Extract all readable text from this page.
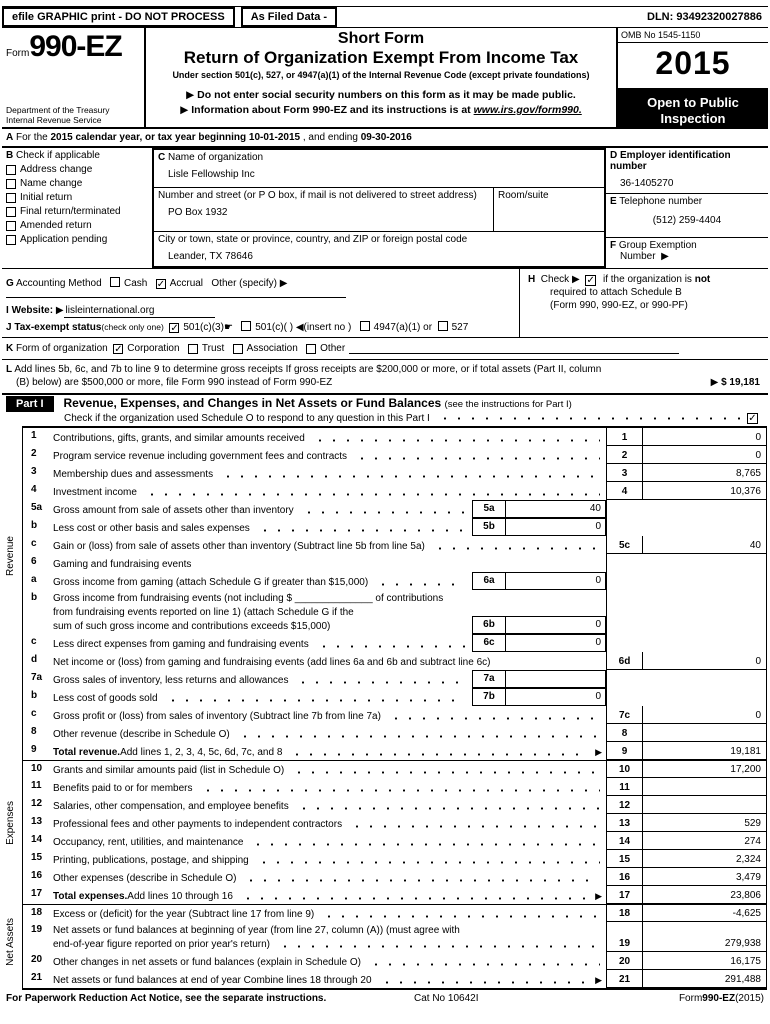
efile GRAPHIC print - DO NOT PROCESS	As Filed Data -	DLN: 93492320027886
Form990-EZ
Department of the Treasury
Internal Revenue Service
Short Form
Return of Organization Exempt From Income Tax
Under section 501(c), 527, or 4947(a)(1) of the Internal Revenue Code (except private foundations)
▶ Do not enter social security numbers on this form as it may be made public.
▶ Information about Form 990-EZ and its instructions is at www.irs.gov/form990.
OMB No 1545-1150
2015
Open to Public
Inspection
A For the 2015 calendar year, or tax year beginning 10-01-2015 , and ending 09-30-2016
B Check if applicable
Address change
Name change
Initial return
Final return/terminated
Amended return
Application pending
C Name of organization
Lisle Fellowship Inc
Number and street (or P O box, if mail is not delivered to street address)
PO Box 1932
Room/suite
City or town, state or province, country, and ZIP or foreign postal code
Leander, TX 78646
D Employer identification number
36-1405270
E Telephone number
(512) 259-4404
F Group Exemption
Number ▶
G Accounting Method Cash ✓ Accrual Other (specify) ▶
I Website: ▶ lisleinternational.org
J Tax-exempt status(check only one) ✓ 501(c)(3)☛ 501(c)( ) ◀(insert no ) 4947(a)(1) or 527
H Check ▶ ✓ if the organization is not
required to attach Schedule B
(Form 990, 990-EZ, or 990-PF)
K
Form of organization
✓ Corporation
Trust
Association
Other
L Add lines 5b, 6c, and 7b to line 9 to determine gross receipts If gross receipts are $200,000 or more, or if total assets (Part II, column
(B) below) are $500,000 or more, file Form 990 instead of Form 990-EZ	▶ $ 19,181
Part I	Revenue, Expenses, and Changes in Net Assets or Fund Balances (see the instructions for Part I)
Check if the organization used Schedule O to respond to any question in this Part I	✓
Revenue
Expenses
Net Assets
1	Contributions, gifts, grants, and similar amounts received	1	0
2	Program service revenue including government fees and contracts	2	0
3	Membership dues and assessments	3	8,765
4	Investment income	4	10,376
5a	Gross amount from sale of assets other than inventory	5a	40
b	Less cost or other basis and sales expenses	5b	0
c	Gain or (loss) from sale of assets other than inventory (Subtract line 5b from line 5a)	5c	40
6	Gaming and fundraising events

a	Gross income from gaming (attach Schedule G if greater than $15,000)	6a	0
b	Gross income from fundraising events (not including $ ______________ of contributions
from fundraising events reported on line 1) (attach Schedule G if the
sum of such gross income and contributions exceeds $15,000)
	6b	0
c	Less direct expenses from gaming and fundraising events	6c	0
d	Net income or (loss) from gaming and fundraising events (add lines 6a and 6b and subtract line 6c)
	6d	0
7a	Gross sales of inventory, less returns and allowances	7a
b	Less cost of goods sold	7b	0
c	Gross profit or (loss) from sales of inventory (Subtract line 7b from line 7a)	7c	0
8	Other revenue (describe in Schedule O)	8
9	Total revenue. Add lines 1, 2, 3, 4, 5c, 6d, 7c, and 8	▶	9	19,181
10	Grants and similar amounts paid (list in Schedule O)	10	17,200
11	Benefits paid to or for members	11
12	Salaries, other compensation, and employee benefits	12
13	Professional fees and other payments to independent contractors	13	529
14	Occupancy, rent, utilities, and maintenance	14	274
15	Printing, publications, postage, and shipping	15	2,324
16	Other expenses (describe in Schedule O)	16	3,479
17	Total expenses. Add lines 10 through 16	▶	17	23,806
18	Excess or (deficit) for the year (Subtract line 17 from line 9)	18	-4,625
19	Net assets or fund balances at beginning of year (from line 27, column (A)) (must agree with
end-of-year figure reported on prior year's return)	19	279,938
20	Other changes in net assets or fund balances (explain in Schedule O)	20	16,175
21	Net assets or fund balances at end of year Combine lines 18 through 20	▶	21	291,488
For Paperwork Reduction Act Notice, see the separate instructions.	Cat No 10642I	Form990-EZ(2015)
